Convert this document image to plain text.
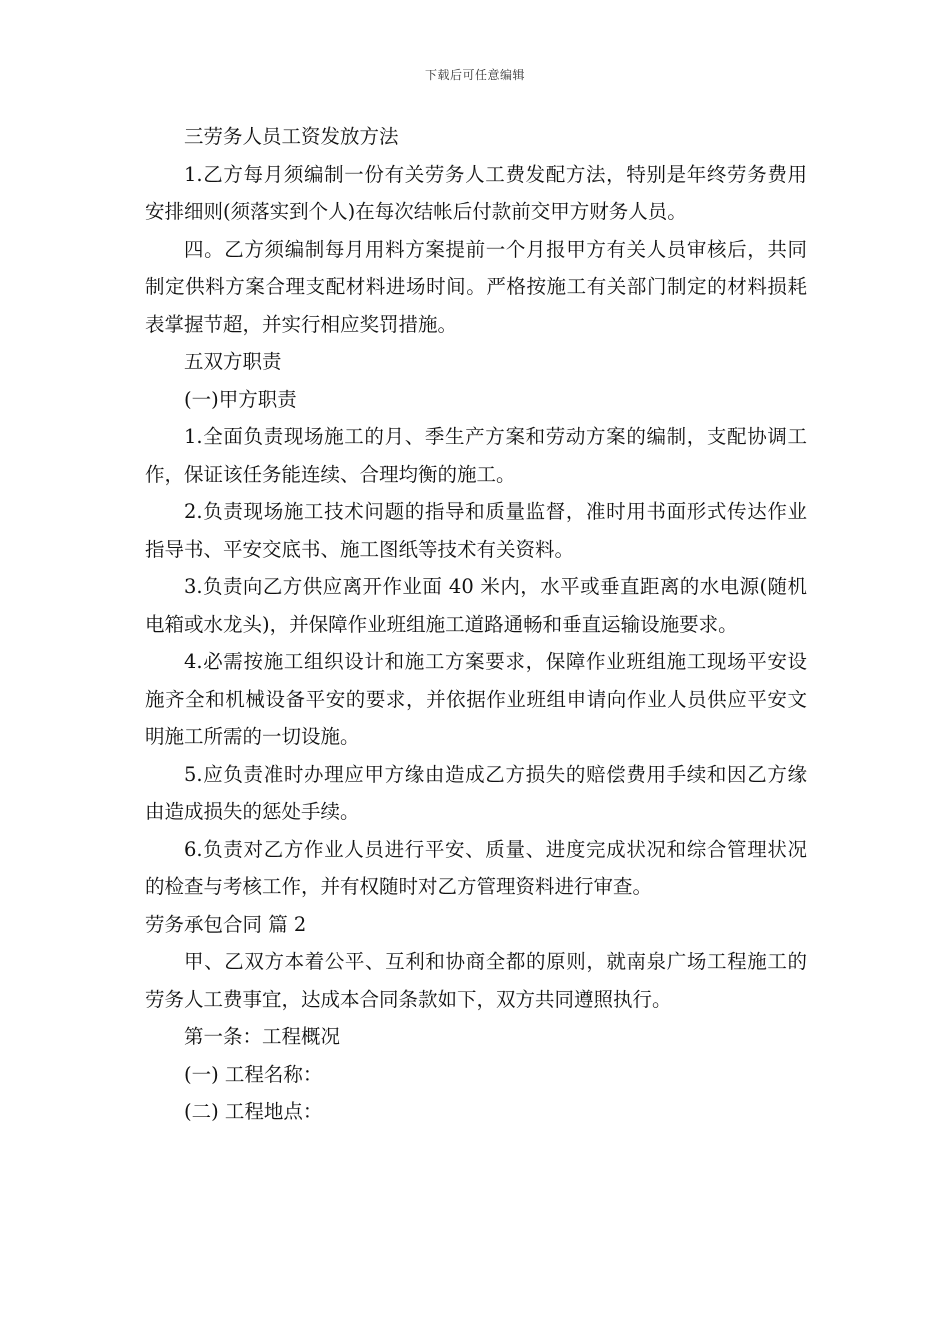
下载后可任意编辑

三劳务人员工资发放方法

1.乙方每月须编制一份有关劳务人工费发配方法，特别是年终劳务费用安排细则(须落实到个人)在每次结帐后付款前交甲方财务人员。

四。乙方须编制每月用料方案提前一个月报甲方有关人员审核后，共同制定供料方案合理支配材料进场时间。严格按施工有关部门制定的材料损耗表掌握节超，并实行相应奖罚措施。

五双方职责

(一)甲方职责

1.全面负责现场施工的月、季生产方案和劳动方案的编制，支配协调工作，保证该任务能连续、合理均衡的施工。

2.负责现场施工技术问题的指导和质量监督，准时用书面形式传达作业指导书、平安交底书、施工图纸等技术有关资料。

3.负责向乙方供应离开作业面 40 米内，水平或垂直距离的水电源(随机电箱或水龙头)，并保障作业班组施工道路通畅和垂直运输设施要求。

4.必需按施工组织设计和施工方案要求，保障作业班组施工现场平安设施齐全和机械设备平安的要求，并依据作业班组申请向作业人员供应平安文明施工所需的一切设施。

5.应负责准时办理应甲方缘由造成乙方损失的赔偿费用手续和因乙方缘由造成损失的惩处手续。

6.负责对乙方作业人员进行平安、质量、进度完成状况和综合管理状况的检查与考核工作，并有权随时对乙方管理资料进行审查。

劳务承包合同 篇 2

甲、乙双方本着公平、互利和协商全都的原则，就南泉广场工程施工的劳务人工费事宜，达成本合同条款如下，双方共同遵照执行。

第一条：工程概况

(一) 工程名称：

(二) 工程地点：
